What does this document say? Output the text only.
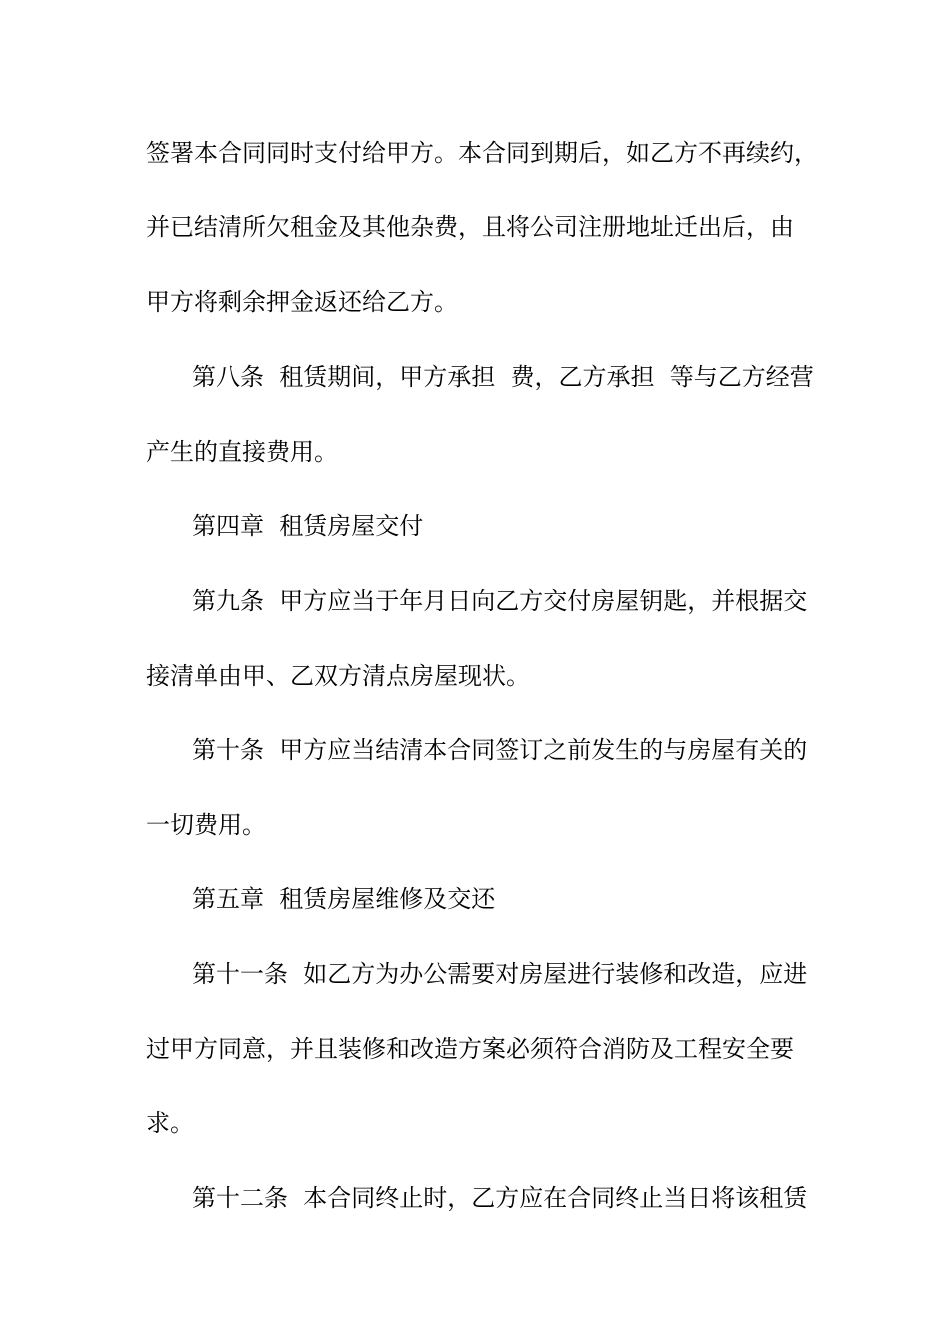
签署本合同同时支付给甲方。本合同到期后，如乙方不再续约，

并已结清所欠租金及其他杂费，且将公司注册地址迁出后，由

甲方将剩余押金返还给乙方。

第八条  租赁期间，甲方承担  费，乙方承担  等与乙方经营

产生的直接费用。

第四章  租赁房屋交付

第九条  甲方应当于年月日向乙方交付房屋钥匙，并根据交

接清单由甲、乙双方清点房屋现状。

第十条  甲方应当结清本合同签订之前发生的与房屋有关的

一切费用。

第五章  租赁房屋维修及交还

第十一条  如乙方为办公需要对房屋进行装修和改造，应进

过甲方同意，并且装修和改造方案必须符合消防及工程安全要

求。

第十二条  本合同终止时，乙方应在合同终止当日将该租赁
